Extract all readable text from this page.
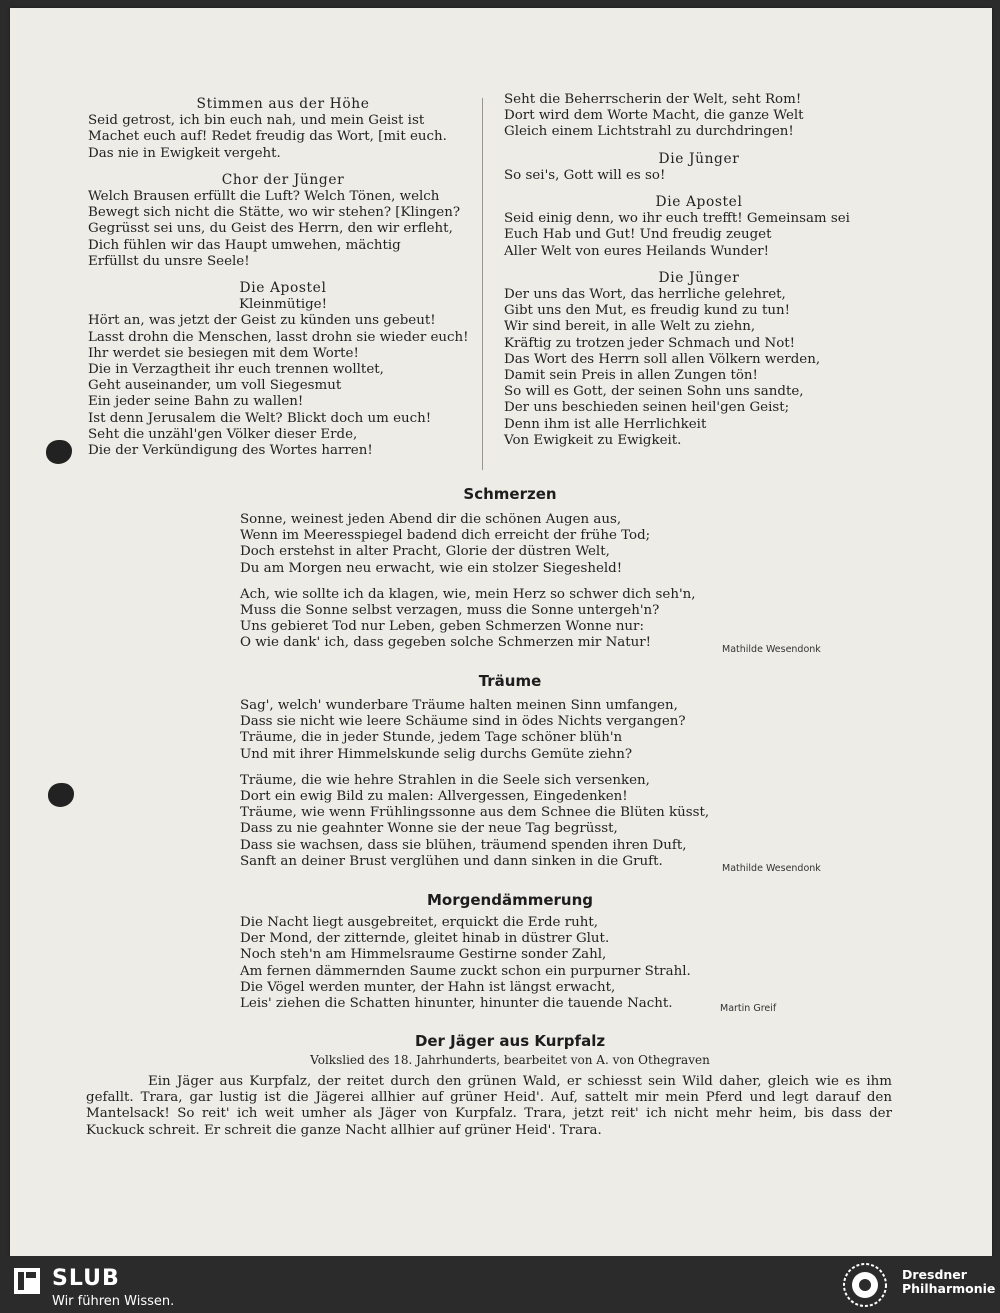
Stimmen aus der Höhe
Seid getrost, ich bin euch nah, und mein Geist ist
Machet euch auf! Redet freudig das Wort, [mit euch.
Das nie in Ewigkeit vergeht.
Chor der Jünger
Welch Brausen erfüllt die Luft? Welch Tönen, welch
Bewegt sich nicht die Stätte, wo wir stehen? [Klingen?
Gegrüsst sei uns, du Geist des Herrn, den wir erfleht,
Dich fühlen wir das Haupt umwehen, mächtig
Erfüllst du unsre Seele!
Die Apostel
Kleinmütige!
Hört an, was jetzt der Geist zu künden uns gebeut!
Lasst drohn die Menschen, lasst drohn sie wieder euch!
Ihr werdet sie besiegen mit dem Worte!
Die in Verzagtheit ihr euch trennen wolltet,
Geht auseinander, um voll Siegesmut
Ein jeder seine Bahn zu wallen!
Ist denn Jerusalem die Welt? Blickt doch um euch!
Seht die unzähl'gen Völker dieser Erde,
Die der Verkündigung des Wortes harren!
Seht die Beherrscherin der Welt, seht Rom!
Dort wird dem Worte Macht, die ganze Welt
Gleich einem Lichtstrahl zu durchdringen!
Die Jünger
So sei's, Gott will es so!
Die Apostel
Seid einig denn, wo ihr euch trefft! Gemeinsam sei
Euch Hab und Gut! Und freudig zeuget
Aller Welt von eures Heilands Wunder!
Die Jünger
Der uns das Wort, das herrliche gelehret,
Gibt uns den Mut, es freudig kund zu tun!
Wir sind bereit, in alle Welt zu ziehn,
Kräftig zu trotzen jeder Schmach und Not!
Das Wort des Herrn soll allen Völkern werden,
Damit sein Preis in allen Zungen tön!
So will es Gott, der seinen Sohn uns sandte,
Der uns beschieden seinen heil'gen Geist;
Denn ihm ist alle Herrlichkeit
Von Ewigkeit zu Ewigkeit.
Schmerzen
Sonne, weinest jeden Abend dir die schönen Augen aus,
Wenn im Meeresspiegel badend dich erreicht der frühe Tod;
Doch erstehst in alter Pracht, Glorie der düstren Welt,
Du am Morgen neu erwacht, wie ein stolzer Siegesheld!
Ach, wie sollte ich da klagen, wie, mein Herz so schwer dich seh'n,
Muss die Sonne selbst verzagen, muss die Sonne untergeh'n?
Uns gebieret Tod nur Leben, geben Schmerzen Wonne nur:
O wie dank' ich, dass gegeben solche Schmerzen mir Natur!	Mathilde Wesendonk
Träume
Sag', welch' wunderbare Träume halten meinen Sinn umfangen,
Dass sie nicht wie leere Schäume sind in ödes Nichts vergangen?
Träume, die in jeder Stunde, jedem Tage schöner blüh'n
Und mit ihrer Himmelskunde selig durchs Gemüte ziehn?
Träume, die wie hehre Strahlen in die Seele sich versenken,
Dort ein ewig Bild zu malen: Allvergessen, Eingedenken!
Träume, wie wenn Frühlingssonne aus dem Schnee die Blüten küsst,
Dass zu nie geahnter Wonne sie der neue Tag begrüsst,
Dass sie wachsen, dass sie blühen, träumend spenden ihren Duft,
Sanft an deiner Brust verglühen und dann sinken in die Gruft.	Mathilde Wesendonk
Morgendämmerung
Die Nacht liegt ausgebreitet, erquickt die Erde ruht,
Der Mond, der zitternde, gleitet hinab in düstrer Glut.
Noch steh'n am Himmelsraume Gestirne sonder Zahl,
Am fernen dämmernden Saume zuckt schon ein purpurner Strahl.
Die Vögel werden munter, der Hahn ist längst erwacht,
Leis' ziehen die Schatten hinunter, hinunter die tauende Nacht.	Martin Greif
Der Jäger aus Kurpfalz
Volkslied des 18. Jahrhunderts, bearbeitet von A. von Othegraven
Ein Jäger aus Kurpfalz, der reitet durch den grünen Wald, er schiesst sein Wild daher, gleich wie es ihm gefallt. Trara, gar lustig ist die Jägerei allhier auf grüner Heid'. Auf, sattelt mir mein Pferd und legt darauf den Mantelsack! So reit' ich weit umher als Jäger von Kurpfalz. Trara, jetzt reit' ich nicht mehr heim, bis dass der Kuckuck schreit. Er schreit die ganze Nacht allhier auf grüner Heid'. Trara.
SLUB
Wir führen Wissen.
Dresdner
Philharmonie
